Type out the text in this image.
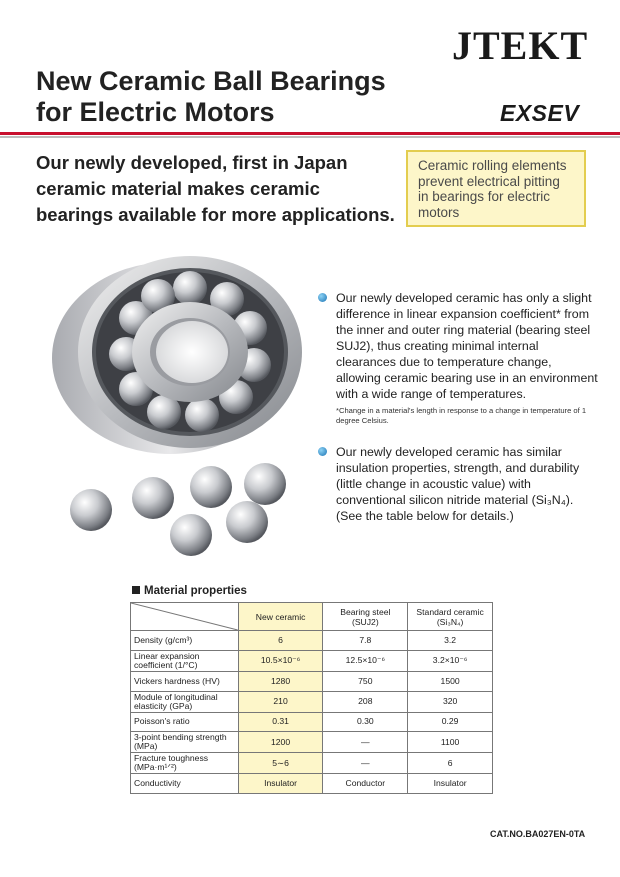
JTEKT
New Ceramic Ball Bearings for Electric Motors	EXSEV

Our newly developed, first in Japan ceramic material makes ceramic bearings available for more applications.

Ceramic rolling elements prevent electrical pitting in bearings for electric motors

Our newly developed ceramic has only a slight difference in linear expansion coefficient* from the inner and outer ring material (bearing steel SUJ2), thus creating minimal internal clearances due to temperature change, allowing ceramic bearing use in an environment with a wide range of temperatures.

*Change in a material's length in response to a change in temperature of 1 degree Celsius.

Our newly developed ceramic has similar insulation properties, strength, and durability (little change in acoustic value) with conventional silicon nitride material (Si₃N₄). (See the table below for details.)

Material properties
	New ceramic	Bearing steel (SUJ2)	Standard ceramic (Si₃N₄)
Density (g/cm³)	6	7.8	3.2
Linear expansion coefficient (1/°C)	10.5×10⁻⁶	12.5×10⁻⁶	3.2×10⁻⁶
Vickers hardness (HV)	1280	750	1500
Module of longitudinal elasticity (GPa)	210	208	320
Poisson's ratio	0.31	0.30	0.29
3-point bending strength (MPa)	1200	—	1100
Fracture toughness (MPa·m¹ᐟ²)	5∼6	—	6
Conductivity	Insulator	Conductor	Insulator
CAT.NO.BA027EN-0TA
